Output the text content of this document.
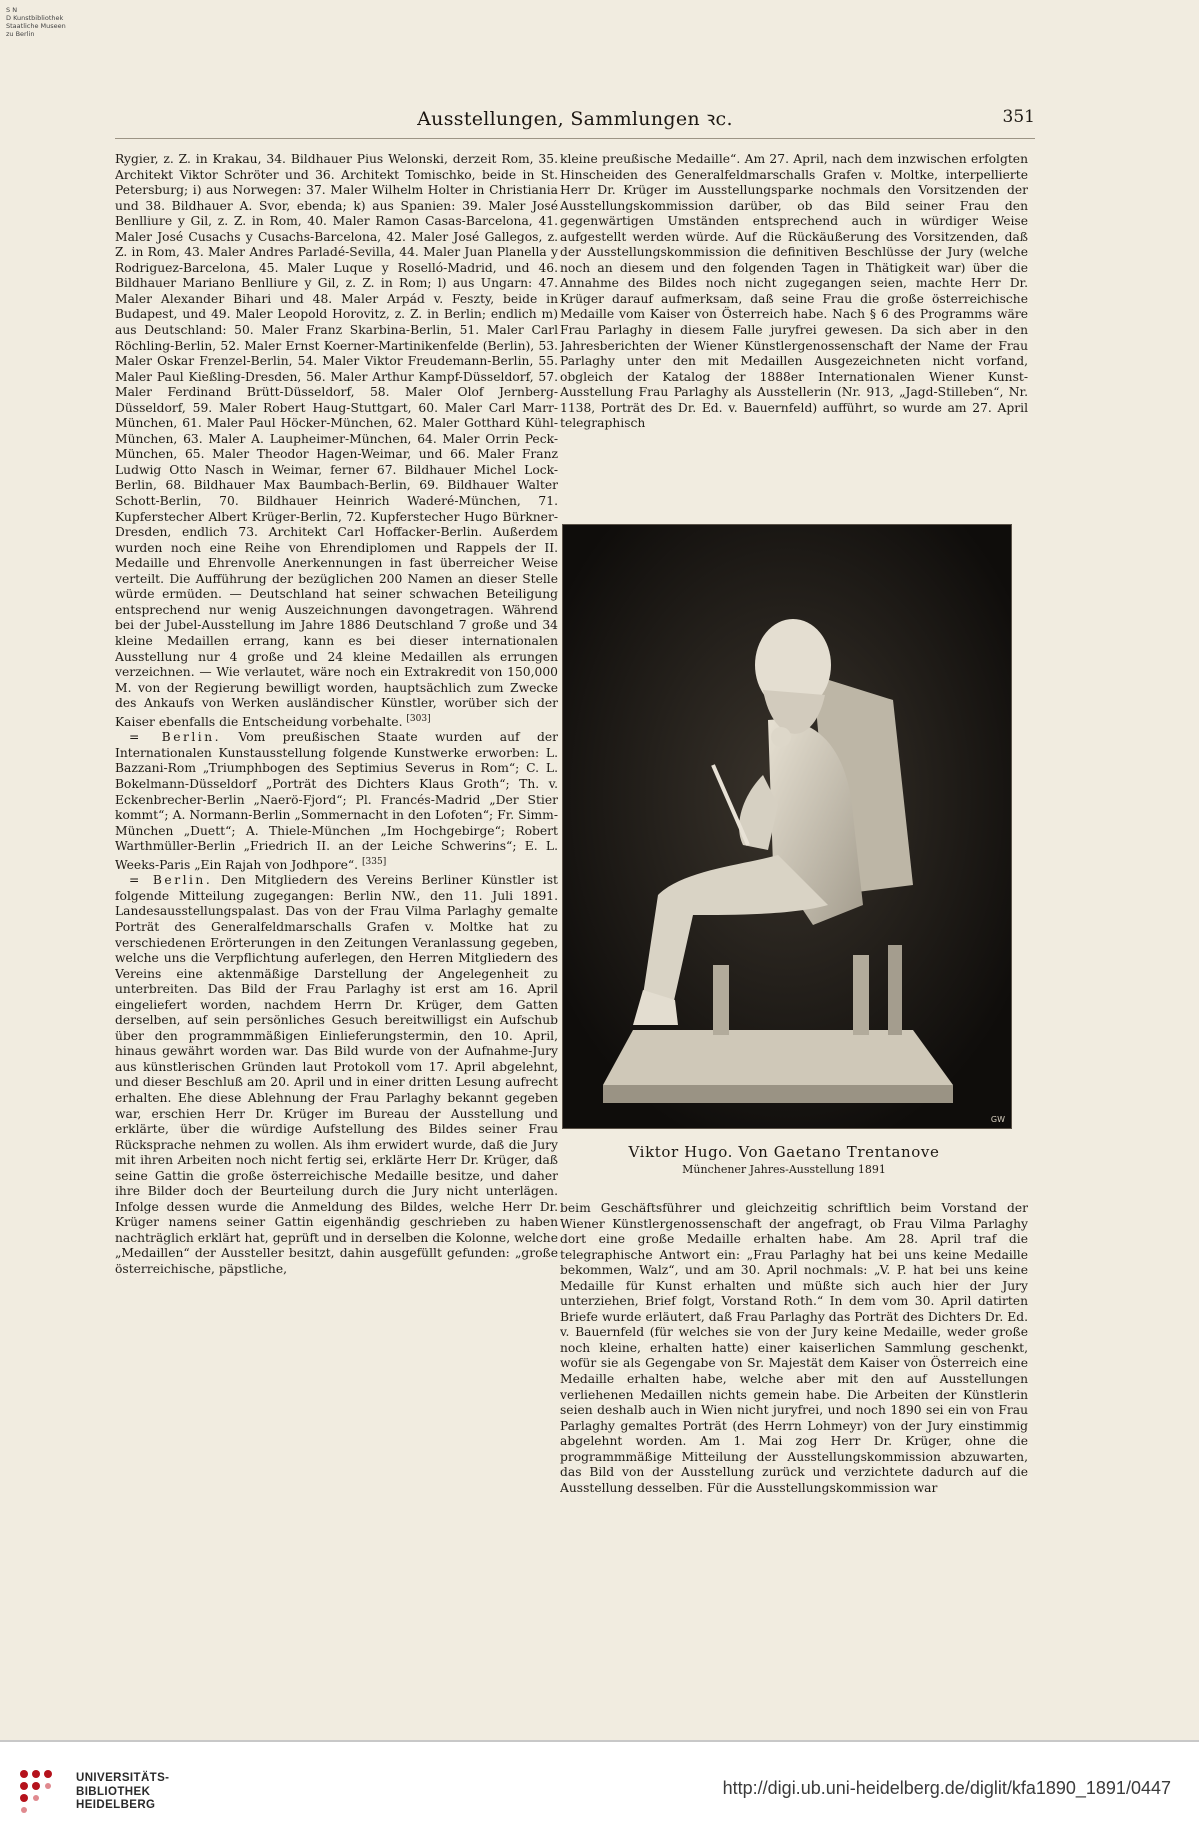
S N
D Kunstbibliothek
Staatliche Museen
zu Berlin
Ausstellungen, Sammlungen ꝛc.	351

Rygier, z. Z. in Krakau, 34. Bildhauer Pius Welonski, derzeit Rom, 35. Architekt Viktor Schröter und 36. Architekt Tomischko, beide in St. Petersburg; i) aus Norwegen: 37. Maler Wilhelm Holter in Christiania und 38. Bildhauer A. Svor, ebenda; k) aus Spanien: 39. Maler José Benlliure y Gil, z. Z. in Rom, 40. Maler Ramon Casas-Barcelona, 41. Maler José Cusachs y Cusachs-Barcelona, 42. Maler José Gallegos, z. Z. in Rom, 43. Maler Andres Parladé-Sevilla, 44. Maler Juan Planella y Rodriguez-Barcelona, 45. Maler Luque y Roselló-Madrid, und 46. Bildhauer Mariano Benlliure y Gil, z. Z. in Rom; l) aus Ungarn: 47. Maler Alexander Bihari und 48. Maler Arpád v. Feszty, beide in Budapest, und 49. Maler Leopold Horovitz, z. Z. in Berlin; endlich m) aus Deutschland: 50. Maler Franz Skarbina-Berlin, 51. Maler Carl Röchling-Berlin, 52. Maler Ernst Koerner-Martinikenfelde (Berlin), 53. Maler Oskar Frenzel-Berlin, 54. Maler Viktor Freudemann-Berlin, 55. Maler Paul Kießling-Dresden, 56. Maler Arthur Kampf-Düsseldorf, 57. Maler Ferdinand Brütt-Düsseldorf, 58. Maler Olof Jernberg-Düsseldorf, 59. Maler Robert Haug-Stuttgart, 60. Maler Carl Marr-München, 61. Maler Paul Höcker-München, 62. Maler Gotthard Kühl-München, 63. Maler A. Laupheimer-München, 64. Maler Orrin Peck-München, 65. Maler Theodor Hagen-Weimar, und 66. Maler Franz Ludwig Otto Nasch in Weimar, ferner 67. Bildhauer Michel Lock-Berlin, 68. Bildhauer Max Baumbach-Berlin, 69. Bildhauer Walter Schott-Berlin, 70. Bildhauer Heinrich Waderé-München, 71. Kupferstecher Albert Krüger-Berlin, 72. Kupferstecher Hugo Bürkner-Dresden, endlich 73. Architekt Carl Hoffacker-Berlin. Außerdem wurden noch eine Reihe von Ehrendiplomen und Rappels der II. Medaille und Ehrenvolle Anerkennungen in fast überreicher Weise verteilt. Die Aufführung der bezüglichen 200 Namen an dieser Stelle würde ermüden. — Deutschland hat seiner schwachen Beteiligung entsprechend nur wenig Auszeichnungen davongetragen. Während bei der Jubel-Ausstellung im Jahre 1886 Deutschland 7 große und 34 kleine Medaillen errang, kann es bei dieser internationalen Ausstellung nur 4 große und 24 kleine Medaillen als errungen verzeichnen. — Wie verlautet, wäre noch ein Extrakredit von 150,000 M. von der Regierung bewilligt worden, hauptsächlich zum Zwecke des Ankaufs von Werken ausländischer Künstler, worüber sich der Kaiser ebenfalls die Entscheidung vorbehalte. [303]

= Berlin. Vom preußischen Staate wurden auf der Internationalen Kunstausstellung folgende Kunstwerke erworben: L. Bazzani-Rom „Triumphbogen des Septimius Severus in Rom“; C. L. Bokelmann-Düsseldorf „Porträt des Dichters Klaus Groth“; Th. v. Eckenbrecher-Berlin „Naerö-Fjord“; Pl. Francés-Madrid „Der Stier kommt“; A. Normann-Berlin „Sommernacht in den Lofoten“; Fr. Simm-München „Duett“; A. Thiele-München „Im Hochgebirge“; Robert Warthmüller-Berlin „Friedrich II. an der Leiche Schwerins“; E. L. Weeks-Paris „Ein Rajah von Jodhpore“. [335]

= Berlin. Den Mitgliedern des Vereins Berliner Künstler ist folgende Mitteilung zugegangen: Berlin NW., den 11. Juli 1891. Landesausstellungspalast. Das von der Frau Vilma Parlaghy gemalte Porträt des Generalfeldmarschalls Grafen v. Moltke hat zu verschiedenen Erörterungen in den Zeitungen Veranlassung gegeben, welche uns die Verpflichtung auferlegen, den Herren Mitgliedern des Vereins eine aktenmäßige Darstellung der Angelegenheit zu unterbreiten. Das Bild der Frau Parlaghy ist erst am 16. April eingeliefert worden, nachdem Herrn Dr. Krüger, dem Gatten derselben, auf sein persönliches Gesuch bereitwilligst ein Aufschub über den programmmäßigen Einlieferungstermin, den 10. April, hinaus gewährt worden war. Das Bild wurde von der Aufnahme-Jury aus künstlerischen Gründen laut Protokoll vom 17. April abgelehnt, und dieser Beschluß am 20. April und in einer dritten Lesung aufrecht erhalten. Ehe diese Ablehnung der Frau Parlaghy bekannt gegeben war, erschien Herr Dr. Krüger im Bureau der Ausstellung und erklärte, über die würdige Aufstellung des Bildes seiner Frau Rücksprache nehmen zu wollen. Als ihm erwidert wurde, daß die Jury mit ihren Arbeiten noch nicht fertig sei, erklärte Herr Dr. Krüger, daß seine Gattin die große österreichische Medaille besitze, und daher ihre Bilder doch der Beurteilung durch die Jury nicht unterlägen. Infolge dessen wurde die Anmeldung des Bildes, welche Herr Dr. Krüger namens seiner Gattin eigenhändig geschrieben zu haben nachträglich erklärt hat, geprüft und in derselben die Kolonne, welche „Medaillen“ der Aussteller besitzt, dahin ausgefüllt gefunden: „große österreichische, päpstliche,

kleine preußische Medaille“. Am 27. April, nach dem inzwischen erfolgten Hinscheiden des Generalfeldmarschalls Grafen v. Moltke, interpellierte Herr Dr. Krüger im Ausstellungsparke nochmals den Vorsitzenden der Ausstellungskommission darüber, ob das Bild seiner Frau den gegenwärtigen Umständen entsprechend auch in würdiger Weise aufgestellt werden würde. Auf die Rückäußerung des Vorsitzenden, daß der Ausstellungskommission die definitiven Beschlüsse der Jury (welche noch an diesem und den folgenden Tagen in Thätigkeit war) über die Annahme des Bildes noch nicht zugegangen seien, machte Herr Dr. Krüger darauf aufmerksam, daß seine Frau die große österreichische Medaille vom Kaiser von Österreich habe. Nach § 6 des Programms wäre Frau Parlaghy in diesem Falle juryfrei gewesen. Da sich aber in den Jahresberichten der Wiener Künstlergenossenschaft der Name der Frau Parlaghy unter den mit Medaillen Ausgezeichneten nicht vorfand, obgleich der Katalog der 1888er Internationalen Wiener Kunst-Ausstellung Frau Parlaghy als Ausstellerin (Nr. 913, „Jagd-Stilleben“, Nr. 1138, Porträt des Dr. Ed. v. Bauernfeld) aufführt, so wurde am 27. April telegraphisch

GW
Viktor Hugo. Von Gaetano Trentanove
Münchener Jahres-Ausstellung 1891

beim Geschäftsführer und gleichzeitig schriftlich beim Vorstand der Wiener Künstlergenossenschaft der angefragt, ob Frau Vilma Parlaghy dort eine große Medaille erhalten habe. Am 28. April traf die telegraphische Antwort ein: „Frau Parlaghy hat bei uns keine Medaille bekommen, Walz“, und am 30. April nochmals: „V. P. hat bei uns keine Medaille für Kunst erhalten und müßte sich auch hier der Jury unterziehen, Brief folgt, Vorstand Roth.“ In dem vom 30. April datirten Briefe wurde erläutert, daß Frau Parlaghy das Porträt des Dichters Dr. Ed. v. Bauernfeld (für welches sie von der Jury keine Medaille, weder große noch kleine, erhalten hatte) einer kaiserlichen Sammlung geschenkt, wofür sie als Gegengabe von Sr. Majestät dem Kaiser von Österreich eine Medaille erhalten habe, welche aber mit den auf Ausstellungen verliehenen Medaillen nichts gemein habe. Die Arbeiten der Künstlerin seien deshalb auch in Wien nicht juryfrei, und noch 1890 sei ein von Frau Parlaghy gemaltes Porträt (des Herrn Lohmeyr) von der Jury einstimmig abgelehnt worden. Am 1. Mai zog Herr Dr. Krüger, ohne die programmmäßige Mitteilung der Ausstellungskommission abzuwarten, das Bild von der Ausstellung zurück und verzichtete dadurch auf die Ausstellung desselben. Für die Ausstellungskommission war

UNIVERSITÄTS-
BIBLIOTHEK
HEIDELBERG
http://digi.ub.uni-heidelberg.de/diglit/kfa1890_1891/0447
